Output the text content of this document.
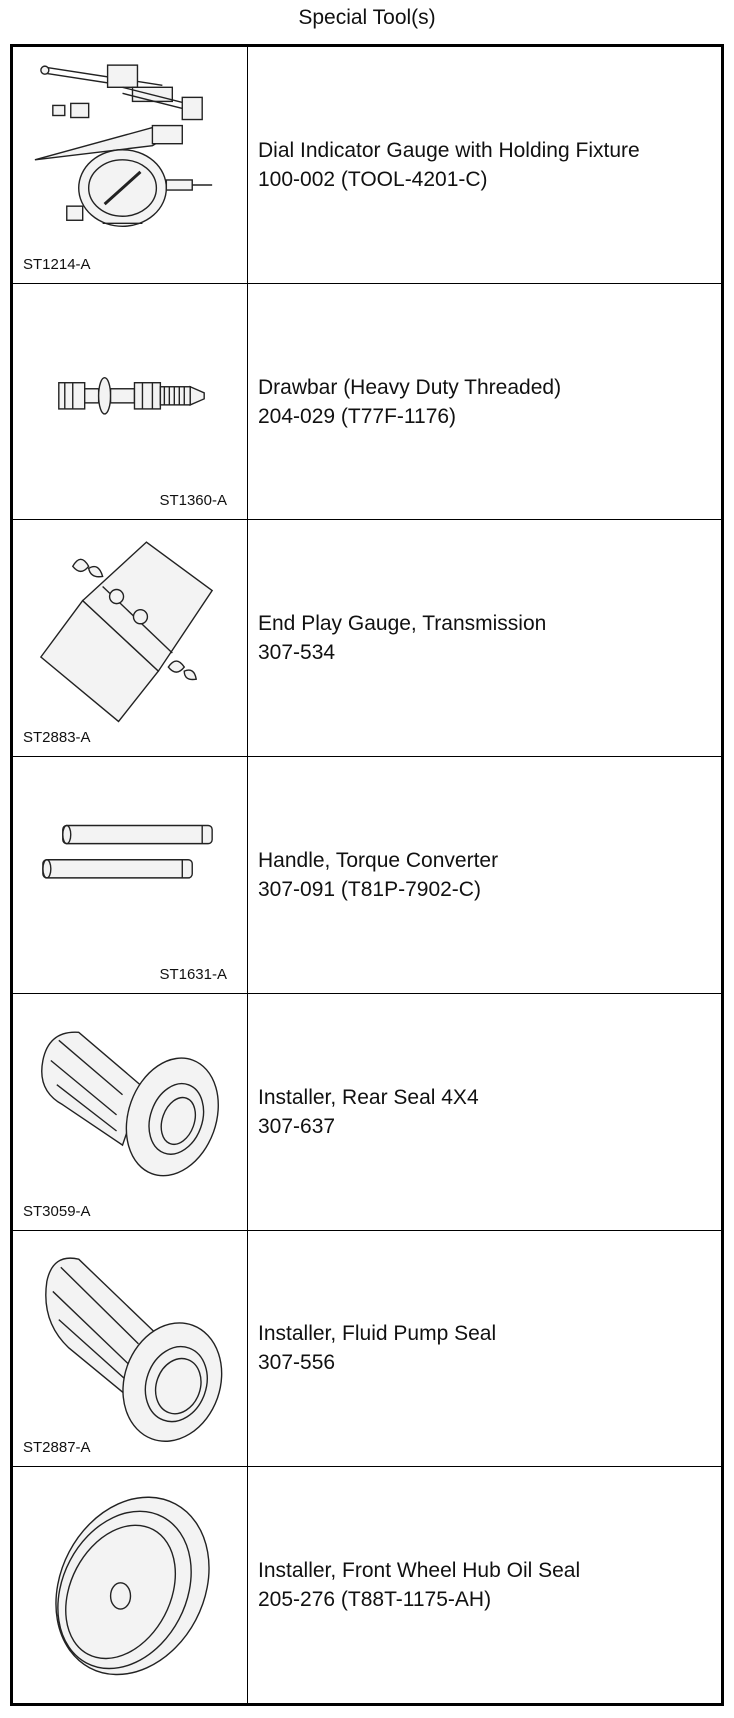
Special Tool(s)
ST1214-A
Dial Indicator Gauge with Holding Fixture
100-002 (TOOL-4201-C)
ST1360-A
Drawbar (Heavy Duty Threaded)
204-029 (T77F-1176)
ST2883-A
End Play Gauge, Transmission
307-534
ST1631-A
Handle, Torque Converter
307-091 (T81P-7902-C)
ST3059-A
Installer, Rear Seal 4X4
307-637
ST2887-A
Installer, Fluid Pump Seal
307-556
Installer, Front Wheel Hub Oil Seal
205-276 (T88T-1175-AH)
